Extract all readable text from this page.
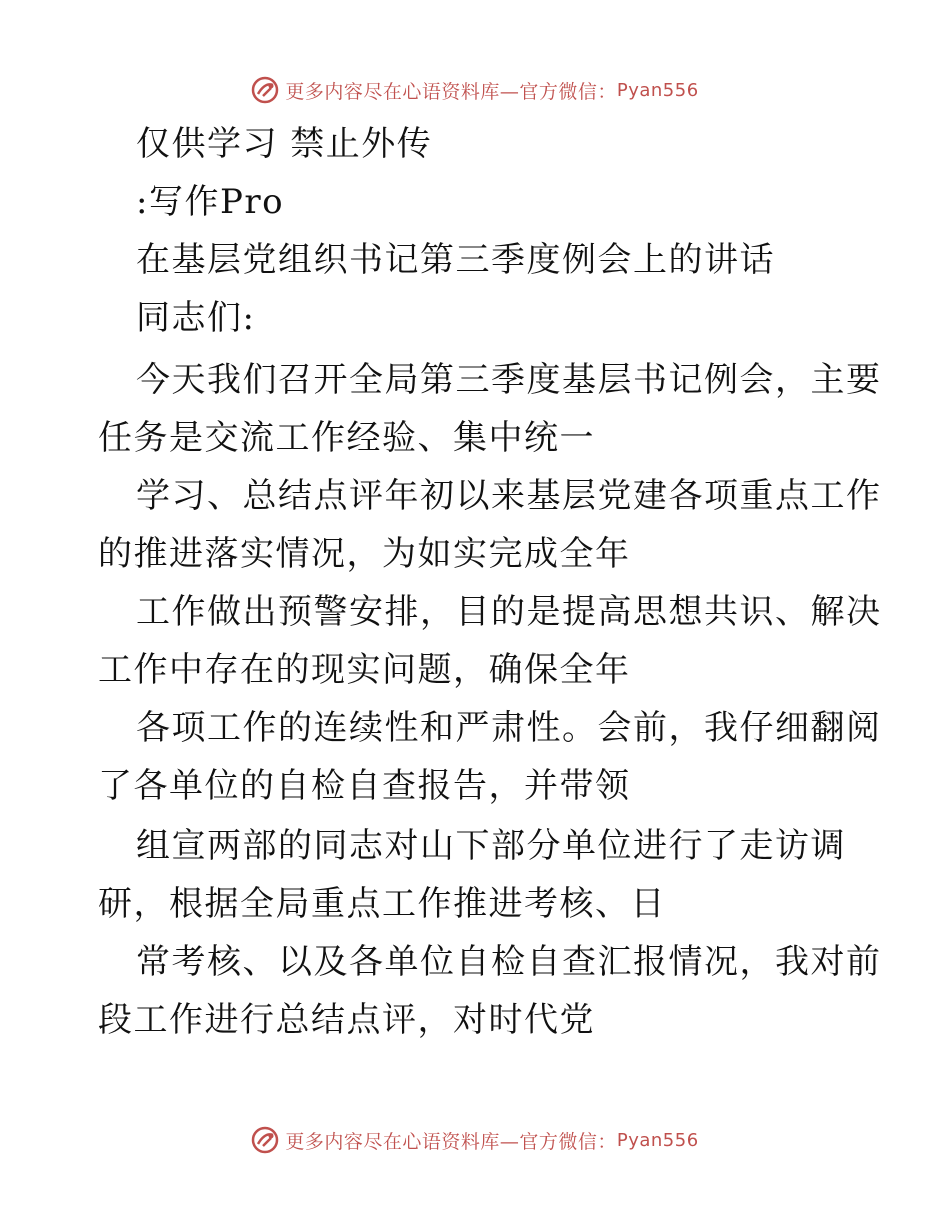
更多内容尽在心语资料库—官方微信： Pyan556
仅供学习 禁止外传
:写作Pro
在基层党组织书记第三季度例会上的讲话
同志们:
今天我们召开全局第三季度基层书记例会，主要
任务是交流工作经验、集中统一
学习、总结点评年初以来基层党建各项重点工作
的推进落实情况，为如实完成全年
工作做出预警安排，目的是提高思想共识、解决
工作中存在的现实问题，确保全年
各项工作的连续性和严肃性。会前，我仔细翻阅
了各单位的自检自查报告，并带领
组宣两部的同志对山下部分单位进行了走访调
研，根据全局重点工作推进考核、日
常考核、以及各单位自检自查汇报情况，我对前
段工作进行总结点评，对时代党
更多内容尽在心语资料库—官方微信： Pyan556
